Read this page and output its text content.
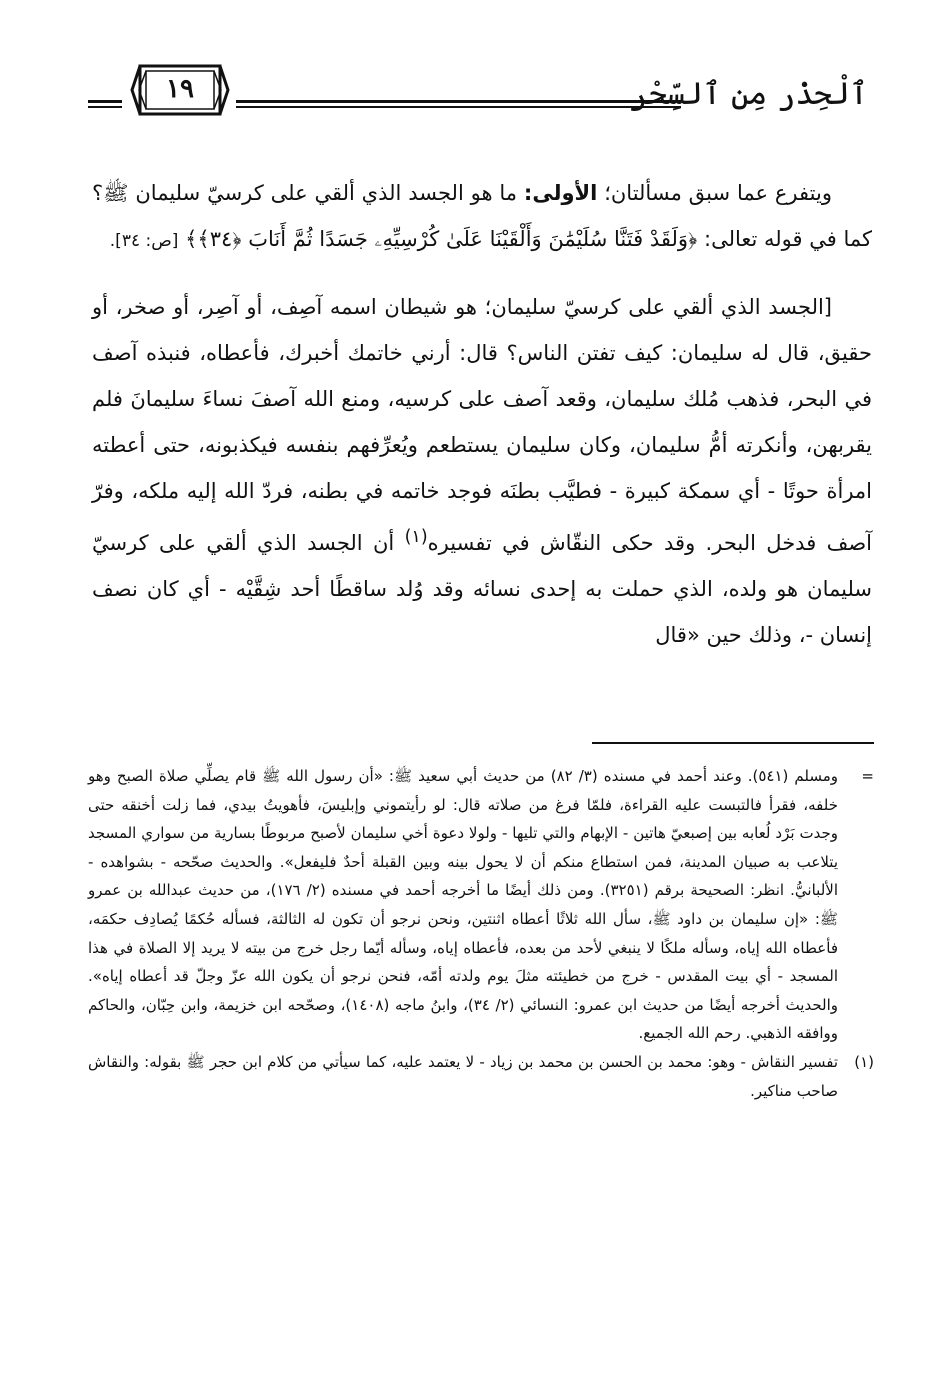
ٱلْحِذْر مِن ٱلسِّحْر
١٩

ويتفرع عما سبق مسألتان؛ الأولى: ما هو الجسد الذي ألقي على كرسيّ سليمان ﷺ؟ كما في قوله تعالى: ﴿وَلَقَدْ فَتَنَّا سُلَيْمَٰنَ وَأَلْقَيْنَا عَلَىٰ كُرْسِيِّهِۦ جَسَدًا ثُمَّ أَنَابَ ﴿٣٤﴾﴾ [ص: ٣٤].

[الجسد الذي ألقي على كرسيّ سليمان؛ هو شيطان اسمه آصِف، أو آصِر، أو صخر، أو حقيق، قال له سليمان: كيف تفتن الناس؟ قال: أرني خاتمك أخبرك، فأعطاه، فنبذه آصف في البحر، فذهب مُلك سليمان، وقعد آصف على كرسيه، ومنع الله آصفَ نساءَ سليمانَ فلم يقربهن، وأنكرته أمُّ سليمان، وكان سليمان يستطعم ويُعرِّفهم بنفسه فيكذبونه، حتى أعطته امرأة حوتًا - أي سمكة كبيرة - فطيَّب بطنَه فوجد خاتمه في بطنه، فردّ الله إليه ملكه، وفرّ آصف فدخل البحر. وقد حكى النقّاش في تفسيره$^{(١)}$ أن الجسد الذي ألقي على كرسيّ سليمان هو ولده، الذي حملت به إحدى نسائه وقد وُلد ساقطًا أحد شِقَّيْه - أي كان نصف إنسان -، وذلك حين «قال

=
ومسلم (٥٤١). وعند أحمد في مسنده (٣/ ٨٢) من حديث أبي سعيد ﷺ: «أن رسول الله ﷺ قام يصلِّي صلاة الصبح وهو خلفه، فقرأ فالتبست عليه القراءة، فلمّا فرغ من صلاته قال: لو رأيتموني وإبليسَ، فأهويتُ بيدي، فما زلت أخنقه حتى وجدت بَرْد لُعابه بين إصبعيّ هاتين - الإبهام والتي تليها - ولولا دعوة أخي سليمان لأصبح مربوطًا بسارية من سواري المسجد يتلاعب به صبيان المدينة، فمن استطاع منكم أن لا يحول بينه وبين القبلة أحدٌ فليفعل». والحديث صحّحه - بشواهده - الألبانيُّ. انظر: الصحيحة برقم (٣٢٥١). ومن ذلك أيضًا ما أخرجه أحمد في مسنده (٢/ ١٧٦)، من حديث عبدالله بن عمرو ﷺ: «إن سليمان بن داود ﷺ، سأل الله ثلاثًا أعطاه اثنتين، ونحن نرجو أن تكون له الثالثة، فسأله حُكمًا يُصادِف حكمَه، فأعطاه الله إياه، وسأله ملكًا لا ينبغي لأحد من بعده، فأعطاه إياه، وسأله أيّما رجل خرج من بيته لا يريد إلا الصلاة في هذا المسجد - أي بيت المقدس - خرج من خطيئته مثلَ يوم ولدته أمّه، فنحن نرجو أن يكون الله عزّ وجلّ قد أعطاه إياه». والحديث أخرجه أيضًا من حديث ابن عمرو: النسائي (٢/ ٣٤)، وابنُ ماجه (١٤٠٨)، وصحّحه ابن خزيمة، وابن حِبّان، والحاكم ووافقه الذهبي. رحم الله الجميع.

(١)
تفسير النقاش - وهو: محمد بن الحسن بن محمد بن زياد - لا يعتمد عليه، كما سيأتي من كلام ابن حجر ﷺ بقوله: والنقاش صاحب مناكير.
